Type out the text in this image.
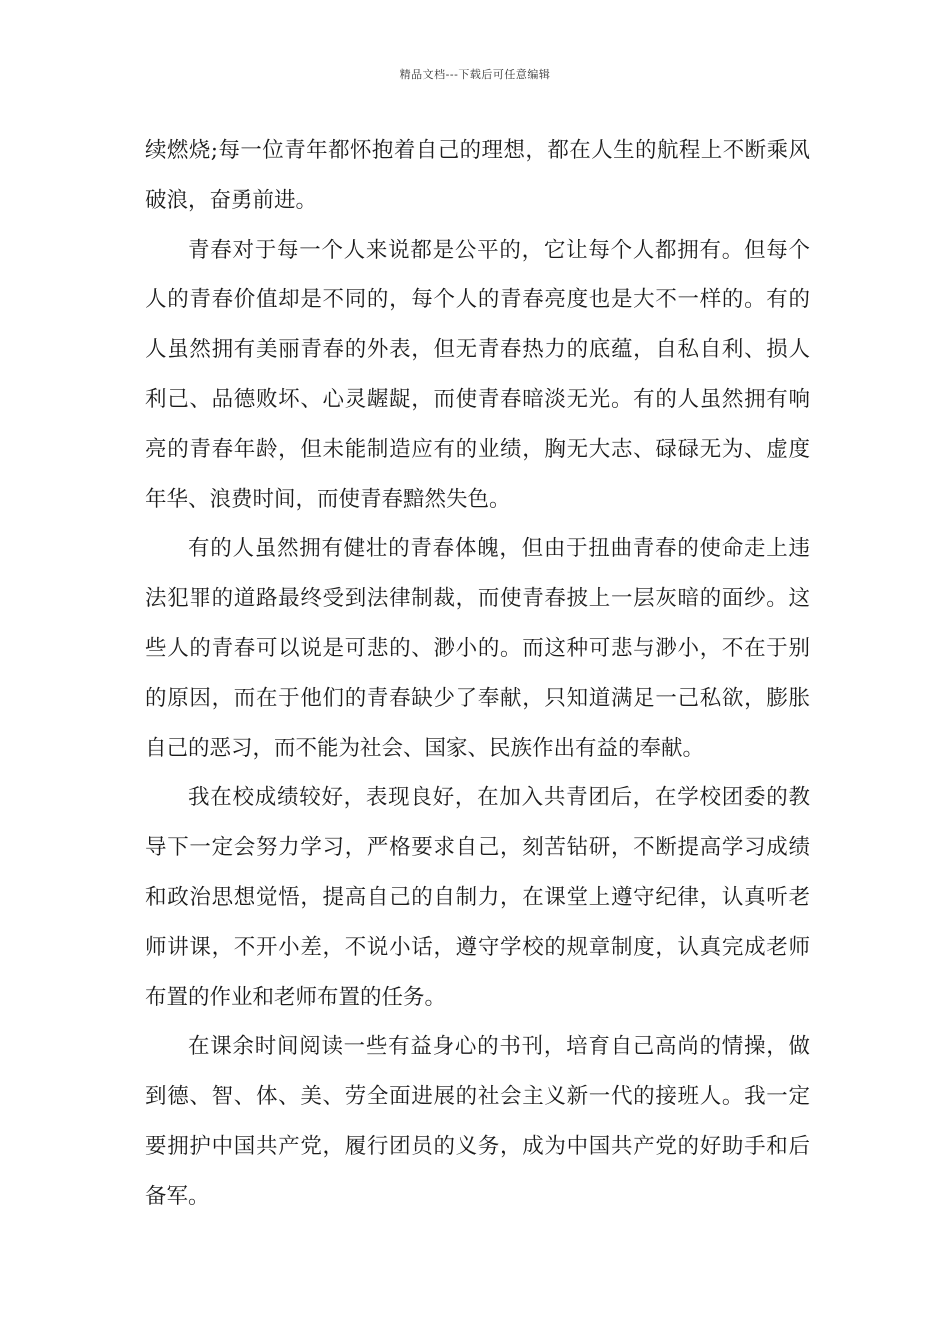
精品文档---下载后可任意编辑

续燃烧;每一位青年都怀抱着自己的理想，都在人生的航程上不断乘风破浪，奋勇前进。

青春对于每一个人来说都是公平的，它让每个人都拥有。但每个人的青春价值却是不同的，每个人的青春亮度也是大不一样的。有的人虽然拥有美丽青春的外表，但无青春热力的底蕴，自私自利、损人利己、品德败坏、心灵龌龊，而使青春暗淡无光。有的人虽然拥有响亮的青春年龄，但未能制造应有的业绩，胸无大志、碌碌无为、虚度年华、浪费时间，而使青春黯然失色。

有的人虽然拥有健壮的青春体魄，但由于扭曲青春的使命走上违法犯罪的道路最终受到法律制裁，而使青春披上一层灰暗的面纱。这些人的青春可以说是可悲的、渺小的。而这种可悲与渺小，不在于别的原因，而在于他们的青春缺少了奉献，只知道满足一己私欲，膨胀自己的恶习，而不能为社会、国家、民族作出有益的奉献。

我在校成绩较好，表现良好，在加入共青团后，在学校团委的教导下一定会努力学习，严格要求自己，刻苦钻研，不断提高学习成绩和政治思想觉悟，提高自己的自制力，在课堂上遵守纪律，认真听老师讲课，不开小差，不说小话，遵守学校的规章制度，认真完成老师布置的作业和老师布置的任务。

在课余时间阅读一些有益身心的书刊，培育自己高尚的情操，做到德、智、体、美、劳全面进展的社会主义新一代的接班人。我一定要拥护中国共产党，履行团员的义务，成为中国共产党的好助手和后备军。
